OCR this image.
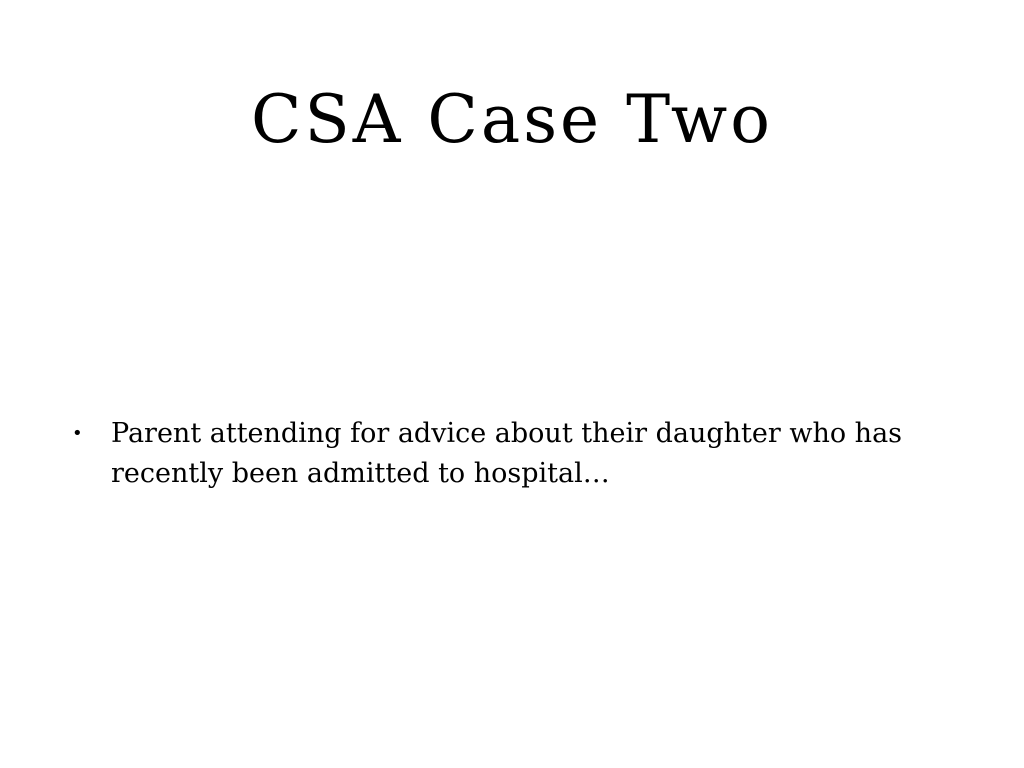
CSA Case Two
• Parent attending for advice about their daughter who has recently been admitted to hospital…
